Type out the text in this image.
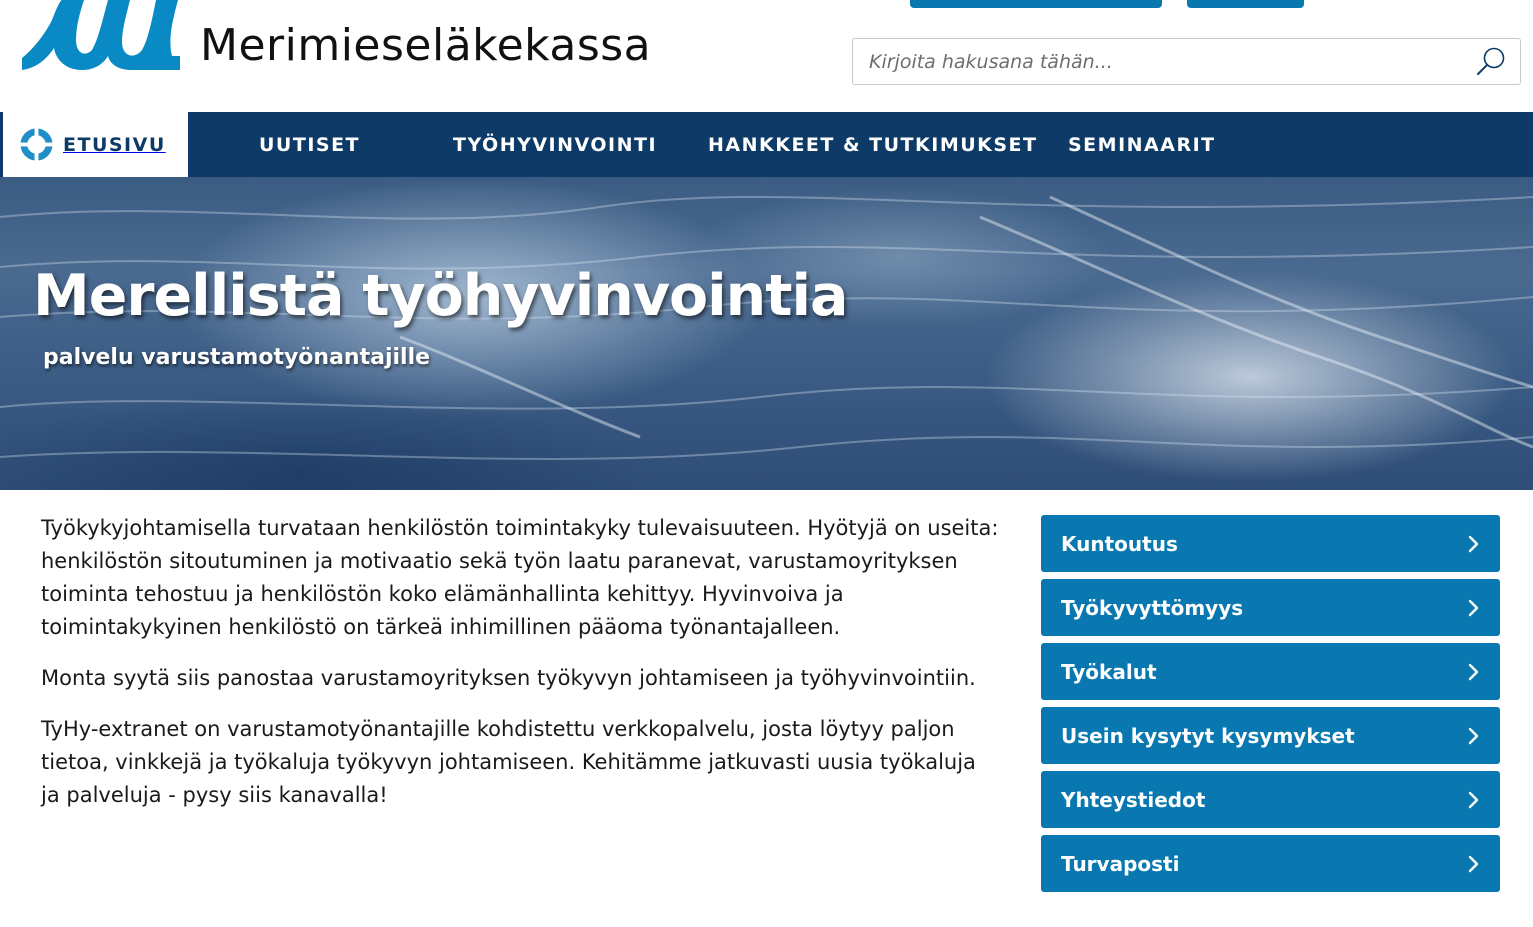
Merimieseläkekassa
Kirjoita hakusana tähän...
ETUSIVU	UUTISET	TYÖHYVINVOINTI	HANKKEET & TUTKIMUKSET SEMINAARIT
Merellistä työhyvinvointia
palvelu varustamotyönantajille

Työkykyjohtamisella turvataan henkilöstön toimintakyky tulevaisuuteen. Hyötyjä on useita: henkilöstön sitoutuminen ja motivaatio sekä työn laatu paranevat, varustamoyrityksen toiminta tehostuu ja henkilöstön koko elämänhallinta kehittyy. Hyvinvoiva ja toimintakykyinen henkilöstö on tärkeä inhimillinen pääoma työnantajalleen.

Monta syytä siis panostaa varustamoyrityksen työkyvyn johtamiseen ja työhyvinvointiin.

TyHy-extranet on varustamotyönantajille kohdistettu verkkopalvelu, josta löytyy paljon tietoa, vinkkejä ja työkaluja työkyvyn johtamiseen. Kehitämme jatkuvasti uusia työkaluja ja palveluja - pysy siis kanavalla!

Kuntoutus
Työkyvyttömyys
Työkalut
Usein kysytyt kysymykset
Yhteystiedot
Turvaposti
